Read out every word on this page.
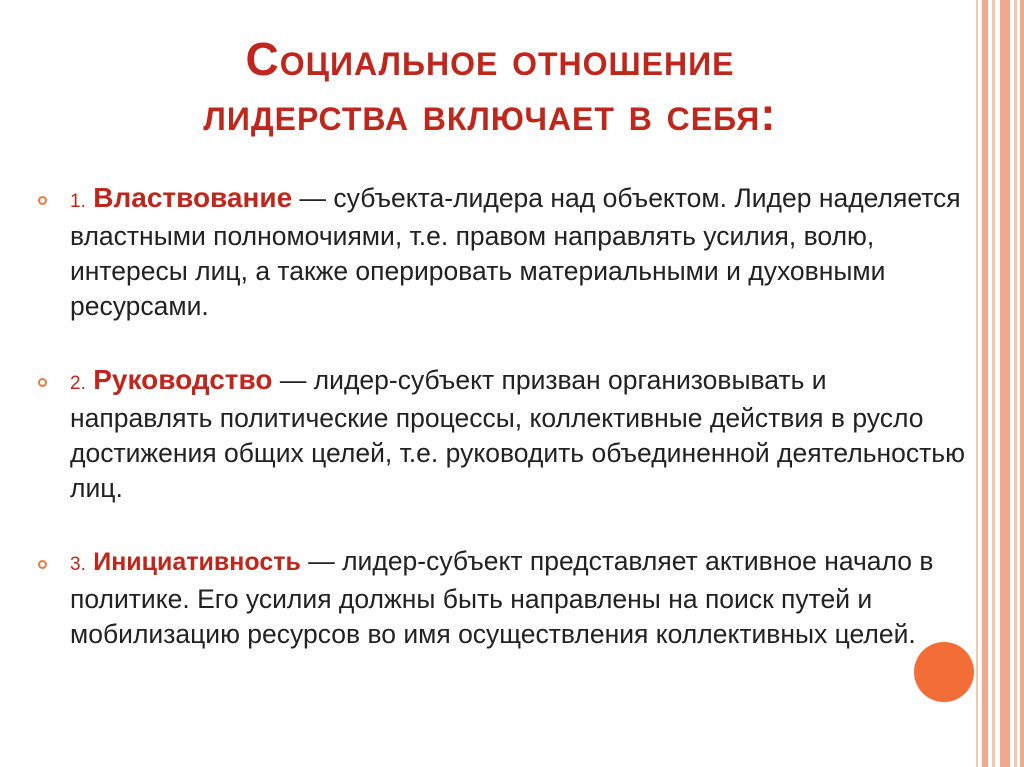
Социальное отношение
лидерства включает в себя:
1. Властвование — субъекта-лидера над объектом. Лидер наделяется властными полномочиями, т.е. правом направлять усилия, волю, интересы лиц, а также оперировать материальными и духовными ресурсами.
2. Руководство — лидер-субъект призван организовывать и направлять политические процессы, коллективные действия в русло достижения общих целей, т.е. руководить объединенной деятельностью лиц.
3. Инициативность — лидер-субъект представляет активное начало в политике. Его усилия должны быть направлены на поиск путей и мобилизацию ресурсов во имя осуществления коллективных целей.
